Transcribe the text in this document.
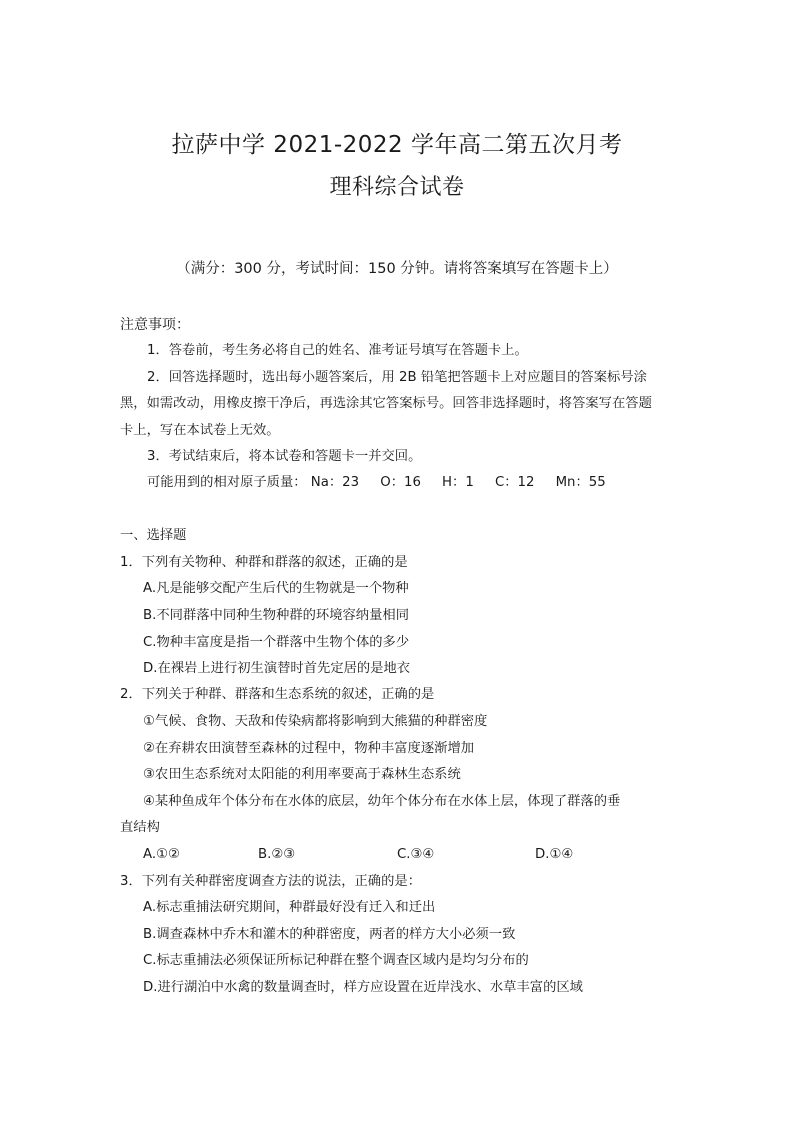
拉萨中学 2021-2022 学年高二第五次月考
理科综合试卷
（满分：300 分，考试时间：150 分钟。请将答案填写在答题卡上）
注意事项：
1．答卷前，考生务必将自己的姓名、准考证号填写在答题卡上。
2．回答选择题时，选出每小题答案后，用 2B 铅笔把答题卡上对应题目的答案标号涂
黑，如需改动，用橡皮擦干净后，再选涂其它答案标号。回答非选择题时，将答案写在答题
卡上，写在本试卷上无效。
3．考试结束后，将本试卷和答题卡一并交回。
可能用到的相对原子质量： Na：23     O：16     H：1     C：12     Mn：55
一、选择题
1．下列有关物种、种群和群落的叙述，正确的是
A.凡是能够交配产生后代的生物就是一个物种
B.不同群落中同种生物种群的环境容纳量相同
C.物种丰富度是指一个群落中生物个体的多少
D.在裸岩上进行初生演替时首先定居的是地衣
2．下列关于种群、群落和生态系统的叙述，正确的是
①气候、食物、天敌和传染病都将影响到大熊猫的种群密度
②在弃耕农田演替至森林的过程中，物种丰富度逐渐增加
③农田生态系统对太阳能的利用率要高于森林生态系统
④某种鱼成年个体分布在水体的底层，幼年个体分布在水体上层，体现了群落的垂
直结构
A.①②	B.②③	C.③④	D.①④
3．下列有关种群密度调查方法的说法，正确的是：
A.标志重捕法研究期间，种群最好没有迁入和迁出
B.调查森林中乔木和灌木的种群密度，两者的样方大小必须一致
C.标志重捕法必须保证所标记种群在整个调查区域内是均匀分布的
D.进行湖泊中水禽的数量调查时，样方应设置在近岸浅水、水草丰富的区域
